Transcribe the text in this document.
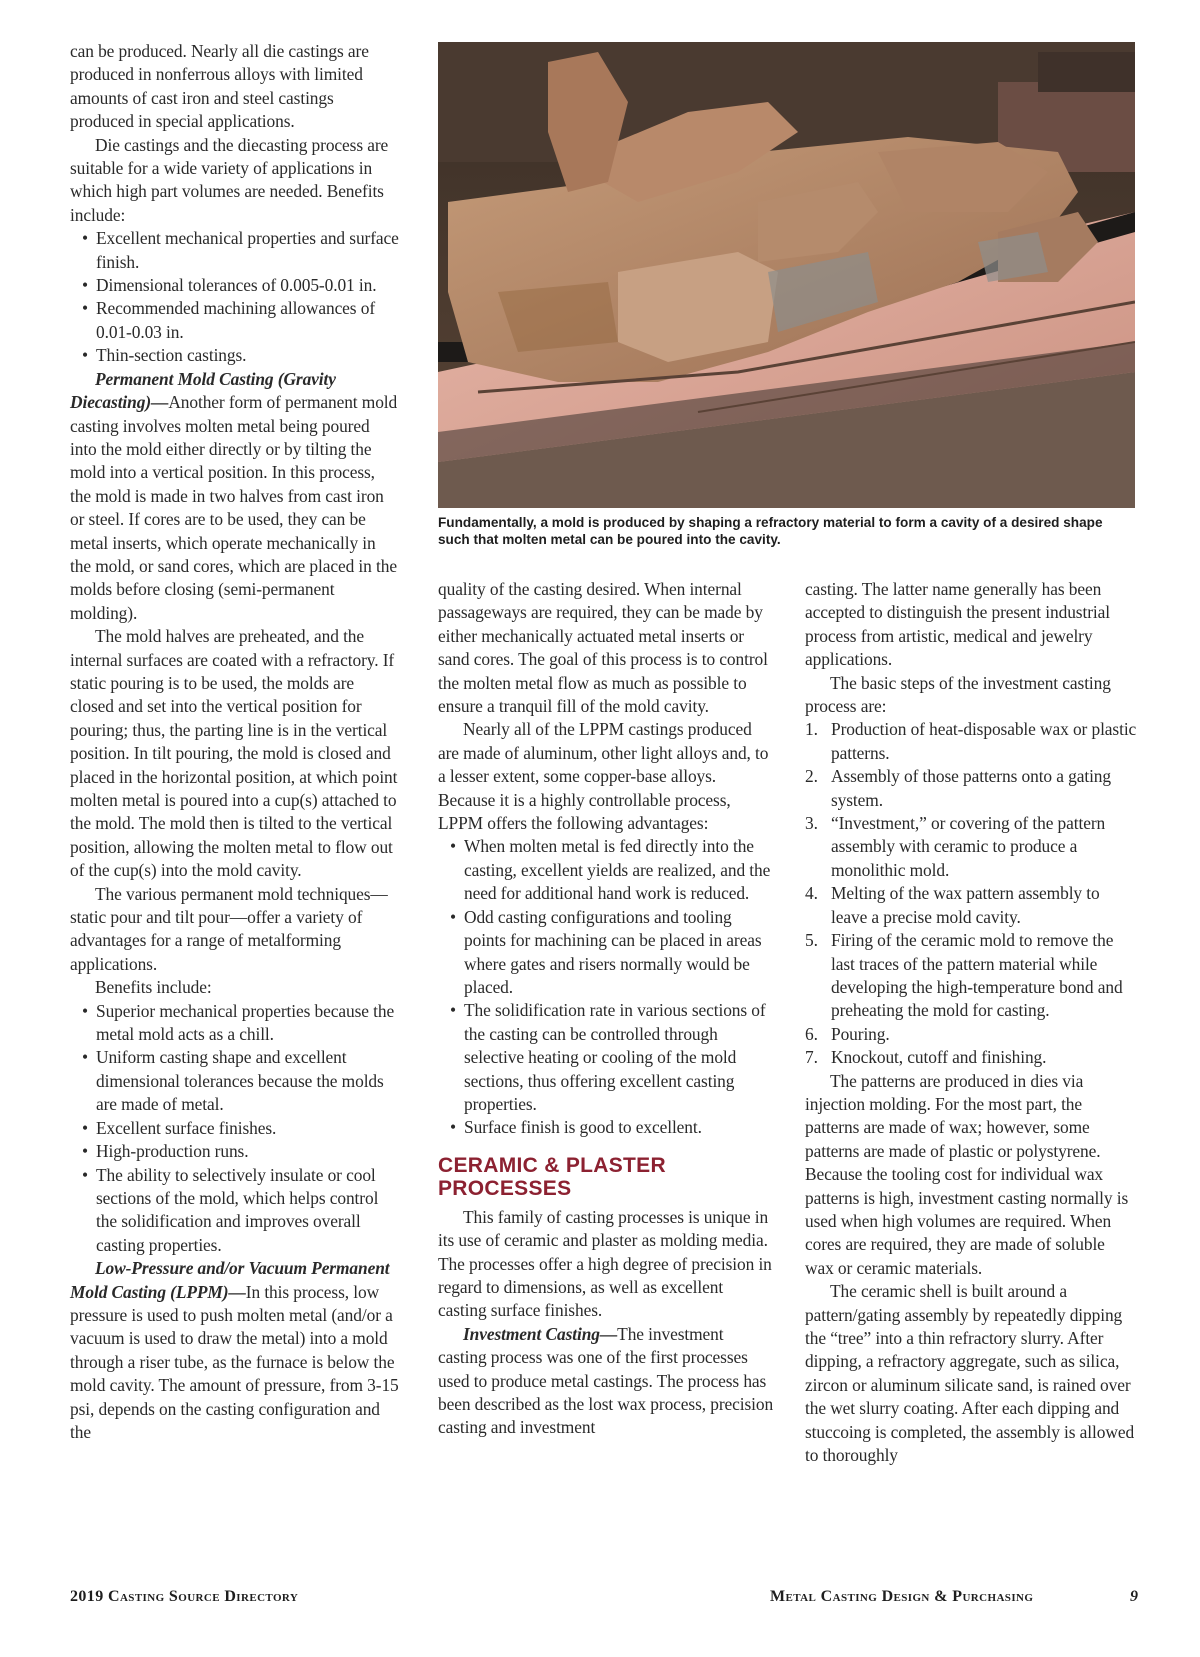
Fundamentally, a mold is produced by shaping a refractory material to form a cavity of a desired shape such that molten metal can be poured into the cavity.

can be produced. Nearly all die castings are produced in nonferrous alloys with limited amounts of cast iron and steel castings produced in special applications.

Die castings and the diecasting process are suitable for a wide variety of applications in which high part volumes are needed. Benefits include:

• Excellent mechanical properties and surface finish.
• Dimensional tolerances of 0.005-0.01 in.
• Recommended machining allowances of 0.01-0.03 in.
• Thin-section castings.

Permanent Mold Casting (Gravity Diecasting)—Another form of permanent mold casting involves molten metal being poured into the mold either directly or by tilting the mold into a vertical position. In this process, the mold is made in two halves from cast iron or steel. If cores are to be used, they can be metal inserts, which operate mechanically in the mold, or sand cores, which are placed in the molds before closing (semi-permanent molding).

The mold halves are preheated, and the internal surfaces are coated with a refractory. If static pouring is to be used, the molds are closed and set into the vertical position for pouring; thus, the parting line is in the vertical position. In tilt pouring, the mold is closed and placed in the horizontal position, at which point molten metal is poured into a cup(s) attached to the mold. The mold then is tilted to the vertical position, allowing the molten metal to flow out of the cup(s) into the mold cavity.

The various permanent mold techniques—static pour and tilt pour—offer a variety of advantages for a range of metalforming applications.

Benefits include:

• Superior mechanical properties because the metal mold acts as a chill.
• Uniform casting shape and excellent dimensional tolerances because the molds are made of metal.
• Excellent surface finishes.
• High-production runs.
• The ability to selectively insulate or cool sections of the mold, which helps control the solidification and improves overall casting properties.

Low-Pressure and/or Vacuum Permanent Mold Casting (LPPM)—In this process, low pressure is used to push molten metal (and/or a vacuum is used to draw the metal) into a mold through a riser tube, as the furnace is below the mold cavity. The amount of pressure, from 3-15 psi, depends on the casting configuration and the

quality of the casting desired. When internal passageways are required, they can be made by either mechanically actuated metal inserts or sand cores. The goal of this process is to control the molten metal flow as much as possible to ensure a tranquil fill of the mold cavity.

Nearly all of the LPPM castings produced are made of aluminum, other light alloys and, to a lesser extent, some copper-base alloys. Because it is a highly controllable process, LPPM offers the following advantages:

• When molten metal is fed directly into the casting, excellent yields are realized, and the need for additional hand work is reduced.
• Odd casting configurations and tooling points for machining can be placed in areas where gates and risers normally would be placed.
• The solidification rate in various sections of the casting can be controlled through selective heating or cooling of the mold sections, thus offering excellent casting properties.
• Surface finish is good to excellent.
CERAMIC & PLASTER PROCESSES

This family of casting processes is unique in its use of ceramic and plaster as molding media. The processes offer a high degree of precision in regard to dimensions, as well as excellent casting surface finishes.

Investment Casting—The investment casting process was one of the first processes used to produce metal castings. The process has been described as the lost wax process, precision casting and investment

casting. The latter name generally has been accepted to distinguish the present industrial process from artistic, medical and jewelry applications.

The basic steps of the investment casting process are:

1. Production of heat-disposable wax or plastic patterns.
2. Assembly of those patterns onto a gating system.
3. “Investment,” or covering of the pattern assembly with ceramic to produce a monolithic mold.
4. Melting of the wax pattern assembly to leave a precise mold cavity.
5. Firing of the ceramic mold to remove the last traces of the pattern material while developing the high-temperature bond and preheating the mold for casting.
6. Pouring.
7. Knockout, cutoff and finishing.

The patterns are produced in dies via injection molding. For the most part, the patterns are made of wax; however, some patterns are made of plastic or polystyrene. Because the tooling cost for individual wax patterns is high, investment casting normally is used when high volumes are required. When cores are required, they are made of soluble wax or ceramic materials.

The ceramic shell is built around a pattern/gating assembly by repeatedly dipping the “tree” into a thin refractory slurry. After dipping, a refractory aggregate, such as silica, zircon or aluminum silicate sand, is rained over the wet slurry coating. After each dipping and stuccoing is completed, the assembly is allowed to thoroughly

2019 Casting Source Directory	Metal Casting Design & Purchasing	9
